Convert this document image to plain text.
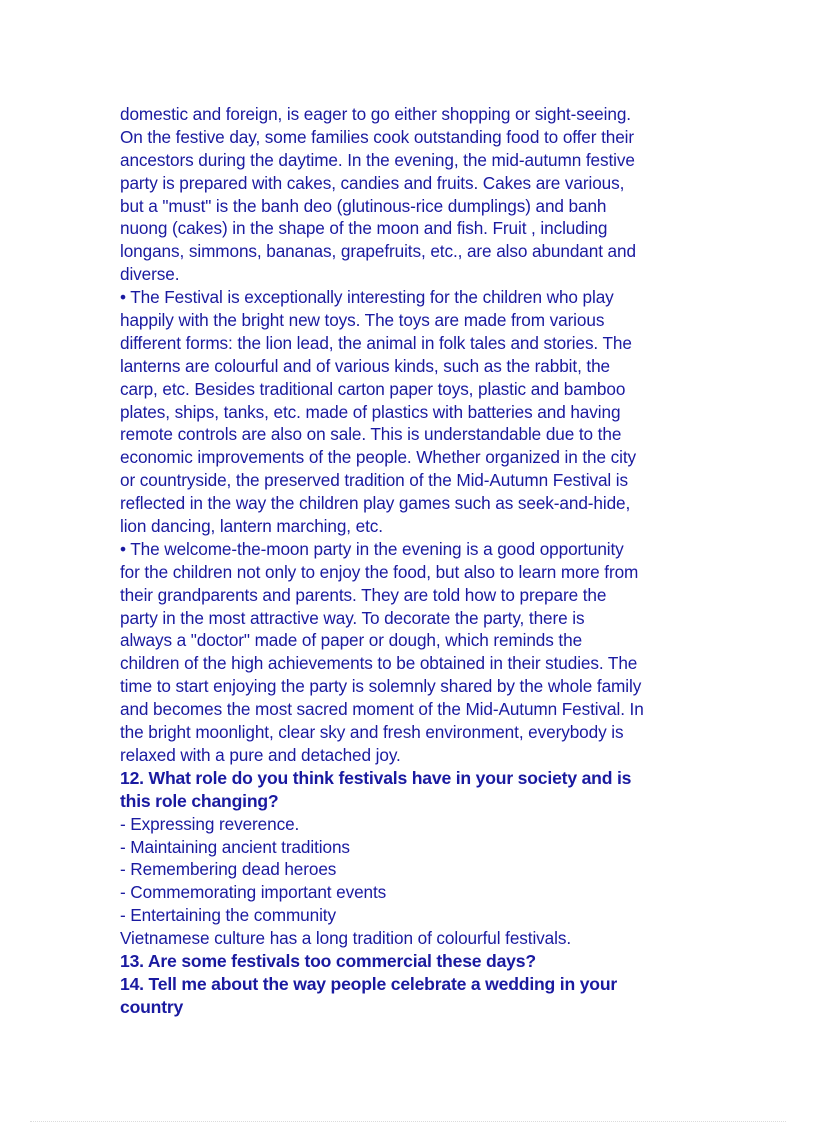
domestic and foreign, is eager to go either shopping or sight-seeing.
On the festive day, some families cook outstanding food to offer their
ancestors during the daytime. In the evening, the mid-autumn festive
party is prepared with cakes, candies and fruits. Cakes are various,
but a "must" is the banh deo (glutinous-rice dumplings) and banh
nuong (cakes) in the shape of the moon and fish. Fruit , including
longans, simmons, bananas, grapefruits, etc., are also abundant and
diverse.
• The Festival is exceptionally interesting for the children who play
happily with the bright new toys. The toys are made from various
different forms: the lion lead, the animal in folk tales and stories. The
lanterns are colourful and of various kinds, such as the rabbit, the
carp, etc. Besides traditional carton paper toys, plastic and bamboo
plates, ships, tanks, etc. made of plastics with batteries and having
remote controls are also on sale. This is understandable due to the
economic improvements of the people. Whether organized in the city
or countryside, the preserved tradition of the Mid-Autumn Festival is
reflected in the way the children play games such as seek-and-hide,
lion dancing, lantern marching, etc.
• The welcome-the-moon party in the evening is a good opportunity
for the children not only to enjoy the food, but also to learn more from
their grandparents and parents. They are told how to prepare the
party in the most attractive way. To decorate the party, there is
always a "doctor" made of paper or dough, which reminds the
children of the high achievements to be obtained in their studies. The
time to start enjoying the party is solemnly shared by the whole family
and becomes the most sacred moment of the Mid-Autumn Festival. In
the bright moonlight, clear sky and fresh environment, everybody is
relaxed with a pure and detached joy.
12. What role do you think festivals have in your society and is
this role changing?
- Expressing reverence.
- Maintaining ancient traditions
- Remembering dead heroes
- Commemorating important events
- Entertaining the community
Vietnamese culture has a long tradition of colourful festivals.
13. Are some festivals too commercial these days?
14. Tell me about the way people celebrate a wedding in your
country
